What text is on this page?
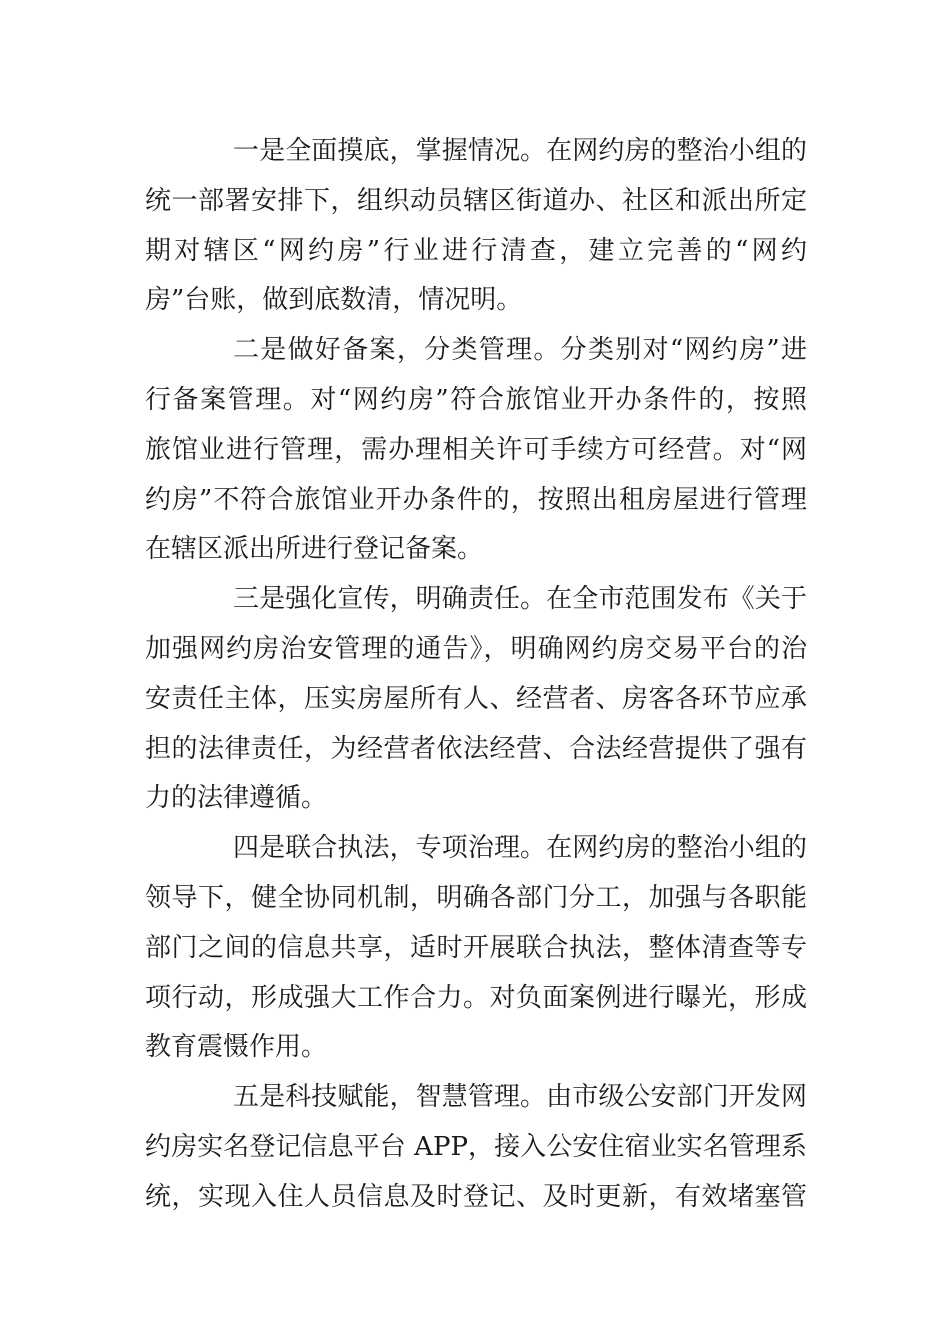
一是全面摸底，掌握情况。在网约房的整治小组的
统一部署安排下，组织动员辖区街道办、社区和派出所定
期对辖区“网约房”行业进行清查，建立完善的“网约
房”台账，做到底数清，情况明。

二是做好备案，分类管理。分类别对“网约房”进
行备案管理。对“网约房”符合旅馆业开办条件的，按照
旅馆业进行管理，需办理相关许可手续方可经营。对“网
约房”不符合旅馆业开办条件的，按照出租房屋进行管理
在辖区派出所进行登记备案。

三是强化宣传，明确责任。在全市范围发布《关于
加强网约房治安管理的通告》，明确网约房交易平台的治
安责任主体，压实房屋所有人、经营者、房客各环节应承
担的法律责任，为经营者依法经营、合法经营提供了强有
力的法律遵循。

四是联合执法，专项治理。在网约房的整治小组的
领导下，健全协同机制，明确各部门分工，加强与各职能
部门之间的信息共享，适时开展联合执法，整体清查等专
项行动，形成强大工作合力。对负面案例进行曝光，形成
教育震慑作用。

五是科技赋能，智慧管理。由市级公安部门开发网
约房实名登记信息平台 APP，接入公安住宿业实名管理系
统，实现入住人员信息及时登记、及时更新，有效堵塞管
